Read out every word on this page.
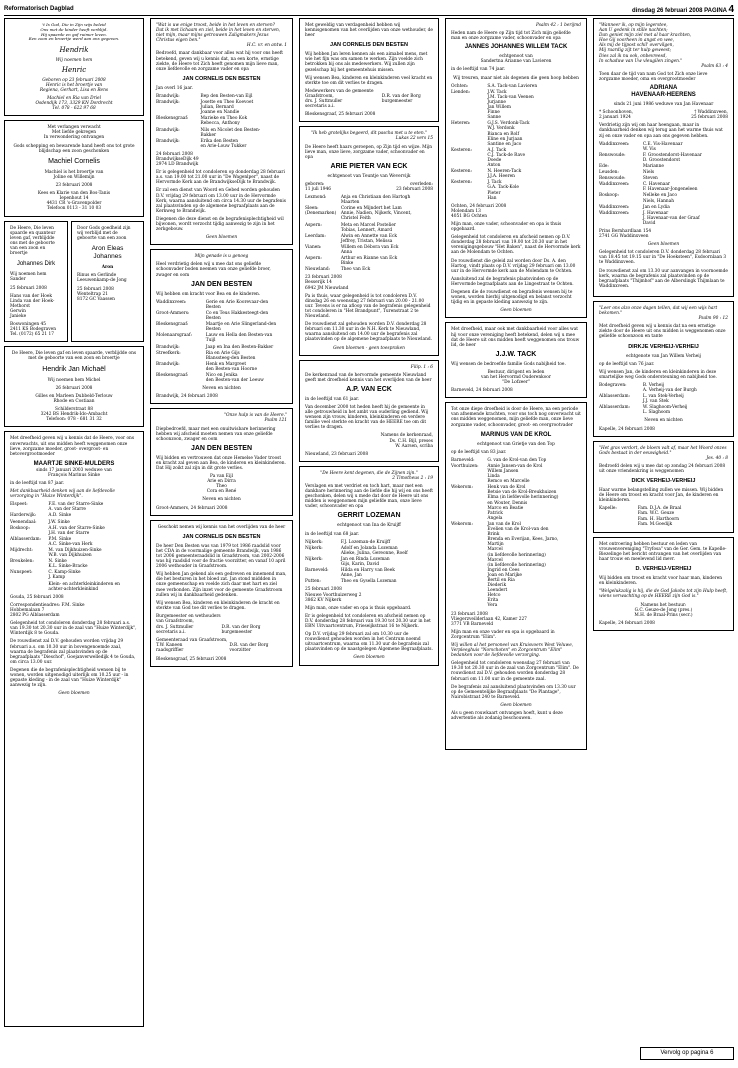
Reformatorisch Dagblad	dinsdag 26 februari 2008 PAGINA 4
't Is God, Die in Zijn wijs beleid
Ons met de kinder heeft verblijd.
Hij spaarde en gaf ruimer leven.
Een zoon en broertje werd aan ons gegeven.
Hendrik
Wij noemen hem
Henric
Geboren op 23 februari 2008
Henric is het broertje van
Regiena, Gerhart, Lisa en Rens
Machiel en Ria van Driel
Osdendijk 173, 3329 KN Dordrecht
Tel. 078 - 622 97 68
Met verlangen verwacht
Met liefde gekregen
In verwondering ontvangen
Gods schepping en bewarende hand heeft ons tot grote blijdschap een zoon geschonken
Machiel Cornelis
Machiel is het broertje van
Joline en Willemijn
23 februari 2008
Kees en Klarie van den Bos-Tanis
Iepenhout 14
4431 CR 's-Gravenpolder
Telefoon 0113 - 31 10 03
De Heere, Die leven spaarde en quanteur leven gaf, verblijdde ons met de geboorte van een zoon en broertje
Johannes Dirk
Wij noemen hem Sander
25 februari 2008
Hans van der Hoek
Linda van der Hoek-Methorst
Gerwin
Janieke
Boswoningen 45
2411 KS Bodegraven
Tel. (0172) 65 21 17
Door Gods goedheid zijn wij verblijd met de geboorte van een zoon
Aron Eleas Johannes
Aron
Rinus en Gerlinde
Leeuwenkamp-de Jong
25 februari 2008
Wenteltrap 21
8172 GC Vaassen
De Heere, Die leven gaf en leven spaarde, verblijdde ons met de geboorte van een zoon en broertje
Hendrik Jan Michaël
Wij noemen hem Michel
26 februari 2008
Gilles en Marleen Dubbeld-Terlouw
Rhode en Costiaan
Schilderstraat 88
3242 BS Hendrik-Ido-Ambacht
Telefoon: 078 - 681 31 32

Met dreefheid geven wij u kennis dat de Heere, voor ons onverwachts, uit ons midden heeft weggenomen onze lieve, zorgzame moeder, groot- overgroot- en betovergrootmoeder

MAARTJE SINKE-MULDERS
sinds 17 januari 2003 weduwe van
François Marinus Sinke

in de leeftijd van 87 jaar.

Met dankbaarheid denken wij aan de liefdevolle verzorging in "Huize Winterdijk".

Elspeet:	F.E. van der Starre-Sinke
A. van der Starre
Harderwijk:	A.D. Sinke
Veenendaal:	J.W. Sinke
Boskoop:	A.H. van der Starre-Sinke
J.H. van der Starre
Alblasserdam:	P.M. Sinke
A.C. Sinke-van Herk
Mijdrecht:	M. van Dijkhuizen-Sinke
W.B. van Dijkhuizen
Breukelen:	N. Sinke
K.L. Sinke-Bracke
Nunspeet:	C. Kamp-Sinke
J. Kamp
Klein- en achterkleinkinderen en achter-achterkleinkind

Gouda, 25 februari 2008

Correspondentieadres: F.M. Sinke
Hobbemalaan 7
2802 PG Alblasserdam

Gelegenheid tot condoleren donderdag 28 februari a.s. van 19.30 tot 20.30 uur in de zaal van "Huize Winterdijk", Winterdijk 8 te Gouda.

De rouwdienst zal D.V. gehouden worden vrijdag 29 februari a.s. om 10.30 uur in bovengenoemde zaal, waarna de begrafenis zal plaatsvinden op de begraafplaats "Dieschof", Goejanverwelledijk 4 te Gouda, om circa 13.00 uur.

Degenen die de begrafenisplechtigheid wensen bij te wonen, worden uitgenodigd uiterlijk om 10.25 uur - in gepaste kleding - in de zaal van "Huize Winterdijk" aanwezig te zijn.

Geen bloemen
"Wat is uw enige troost, beide in het leven en sterven?
Dat ik met lichaam en ziel, beide in het leven en sterven, niet mijn, maar mijns getrouwen Zaligmakers Jezus Christus eigen ben."
H.C. vr. en antw. 1

Bedroefd, maar dankbaar voor alles wat hij voor ons heeft betekend, geven wij u kennis dat, na een korte, ernstige ziekte, de Heere tot Zich heeft genomen mijn lieve man, onze liefdevolle en zorgzame vader en opa

JAN CORNELIS DEN BESTEN

Jan overl 16 jaar.

Brandwijk:	Bep den Besten-van Eijl
Brandwijk:	Josette en Theo Koevoet
Julian, Bernard
Joanne en Nandie
Bleskensgraaf:	Marieke en Theo Kok
Rebecca, Anthony
Brandwijk:	Nils en Nicolet den Besten-Bakker
Brandwijk:	Erika den Besten
en Arie-Louw Tukker

24 februari 2008
BrandwijkseDijk 49
2974 LD Brandwijk

Er is gelegenheid tot condoleren op donderdag 28 februari a.s. van 19.00 tot 21.00 uur in "De Wagenlper", naast de Hervormde Kerk aan de BrandwijkseDijk te Brandwijk.

Er zal een dienst van Woord en Gebed worden gehouden D.V. vrijdag 29 februari om 13.00 uur in de Hervormde Kerk, waarna aansluitend om circa 14.30 uur de begrafenis zal plaatsvinden op de algemene begraafplaats aan de Kerkweg te Brandwijk.

Diegenen die deze dienst en de begrafenisplechtigheid wil bijwonen, wordt verzocht tijdig aanwezig te zijn in het zerkgebouw.

Geen bloemen
Mijn genade is u genoeg

Heel verdrietig delen wij u mee dat ons geliefde schoonvader boden neemen van onze geliefde broer, zwager en oom

JAN DEN BESTEN

Wij hebben om kracht voor Bea en de kinderen.

Waddinxveen:	Gerie en Arie Koorevaar-den Besten
Groot-Ammers:	Co en Teus Hakkesteegt-den Besten
Bleskensgraaf:	Maartje en Arie Slingerland-den Besten
Molenaarsgraaf:	Lauw en Hella den Besten-van Tuijl
Brandwijk:	Jaap en Ina den Besten-Bakker
Streefkerk:	Ria en Arie Gijs
Blanssteeg-den Besten
Brandwijk:	Henk en Margreet
den Besten-van Hoorne
Bleskensgraaf:	Nico en Jenika
den Besten-van der Leeuw
Neven en nichten
Brandwijk, 24 februari 2008
"Onze hulp is van de Heere."
Psalm 121

Diepbedroefd, maar met een onuitwisbare herinnering hebben wij afscheid moeten nemen van onze geliefde schoonzoon, zwager en oom

JAN DEN BESTEN

Wij bidden en vertrouwen dat onze Hemelse Vader troost en kracht zal geven aan Bea, de kinderen en kleinkinderen. Dat Hij zoikt zal zijn in dit grote verlies.

Pa van Eijl
Arie en Dirra
Theo
Cora en René
Neven en nichten
Groot-Ammers, 24 februari 2008
Geschokt nemen wij kennis van het overlijden van de heer
JAN CORNELIS DEN BESTEN

De heer Den Besten was van 1979 tot 1986 raadslid voor het CDA in de voormalige gemeente Brandwijk, van 1986 tot 2006 gemeenteraadslid in Graafstroom, van 2002-2006 was hij raadslid voor de fractie voorzitter, en vanaf 10 april 2006 wethouder in Graafstroom.

Wij hebben Jan gekend als een gedreven en innemend man, die het besturen in het bloed zat. Jan stond middden in onze gemeenschap en voelde zich daar met hart en ziel mee verbonden. Zijn inzet voor de gemeente Graafstroom zullen wij in dankbaarheid gedenken.

Wij wensen Bea, kinderen en kleinkinderen de kracht en sterkte van God toe dit verlies te dragen.

Burgemeester en wethouders van Graafstroom,
drs. J. Suttmuller
secretaris a.i.
D.R. van der Borg
burgemeester
Gemeenteraad van Graafstroom,
T.W. Kaneen
raadsgriffier
D.R. van der Borg
voorzitter
Bleskensgraaf, 25 februari 2008

Met geweldig van verdagenheid hebben wij kennisgenomen van het overlijden van onze wethouder, de heer

JAN CORNELIS DEN BESTEN

Wij hebben Jan leren kennen als een aimabel mens, met wie het fijn was om samen te werken. Zijn voelde zich betrokken bij ons als medewerkers. Wij zullen zijn gezelschap bij het gemeentehuis missen.

Wij wensen Bea, kinderen en kleinkinderen veel kracht en sterkte toe om dit verlies te dragen.

Medewerkers van de gemeente Graafstroom,
drs. J. Suttmuller
secretaris a.i.
D.R. van der Borg
burgemeester
Bleskensgraaf, 25 februari 2008
"Ik heb grotelijks begeerd, dit pascha met u te eten."
Lukas 22 vers 15

De Heere heeft haars geroepen, op Zijn tijd en wijze. Mijn lieve man, onze lieve, zorgzame vader, schoonvader en opa

ARIE PIETER VAN ECK
echtgenoot van Teuntje van Wevervijk
geboren:
11 juli 1946
overleden:
23 februari 2008
Lexmond:	Anja en Christiaan den Hartogh
Maarten
Sleen:
(Denemarken)
Corine en Mijndert het Lam
Annie, Nadien, Nijkerk, Vincent, Christel Feith
Aspern:	Meta en Marcel Postelier
Tobias, Lennert, Amard
Leerdam:	Alwin en Annette van Eck
Jeffrey, Tristan, Melissa
Vianen:	Willem en Débora van Eck
Anna
Aspern:	Arthur en Rianne van Eck
Binke
Nieuwland:	Theo van Eck

23 februari 2008
Besserijk 14
6942 JM Nieuwland

Pa is thuis, waar gelegenheid is tot condoleren D.V. dinsdag 26 en woensdag 27 februari van 20.00 - 21.00 uur. Tevens is er na afloop van de begrafenis gelegenheid tot condoleren in "Het Brandpunt", Turenstraat 2 te Nieuwland.

De rouwdienst zal gehouden worden D.V. donderdag 28 februari om 11.30 uur in de N.H. Kerk te Nieuwland, waarna aansluitend om 14.00 uur de begrafenis zal plaatsvinden op de algemene begraafplaats te Nieuwland.

Geen bloemen - geen toespraken
Filip. 1 : 6

De kerkenraad van de hervormde gemeente Nieuwland geeft met droefheid kennis van het overlijden van de heer

A.P. VAN ECK

in de leeftijd van 61 jaar.

Van december 2000 tot heden heeft hij de gemeente in alle getrouwheid in het ambt van ouderling gediend. Wij wensen zijn vrouw, kinderen, kleinkinderen en verdere familie veel sterkte en kracht van de HEERE toe om dit verlies te dragen.

Namens de kerkenraad,
Ds. C.H. Bijl, preses
W. Aarsen, scriba
Nieuwland, 23 februari 2008
"De Heere kent degenen, die de Zijnen zijn."
2 Timotheus 2 : 19

Verslagen en met verdriet en toch hart, maar met een dankbare herinnering aan de liefde die hij wij en ons heeft geschonken, delen wij u mede dat door de Heere uit ons midden is weggenomen mijn geliefde man, onze lieve vader, schoonvader en opa

GERRIT LOZEMAN
echtgenoot van Ina de Kruijff

in de leeftijd van 68 jaar.

Nijkerk:	F.J. Lozeman-de Kruijff
Nijkerk:	Adolf en Jolanda Lozeman
Alieke, Julina, Gereonne, Roelf
Nijkerk:	Jan en Rinda Lozeman
Gijs, Karin, David
Barneveld:	Hilda en Harry van Beek
Anne, Jan
Putten:	Theo en Gysella Lozeman

25 februari 2008
Nieuwe Voorthuizerweg 2
3862 KV Nijkerk

Mijn man, onze vader en opa is thuis opgebaard.

Er is gelegenheid tot condoleren en afscheid nemen op D.V. donderdag 28 februari van 19.30 tot 20.30 uur in het EBN Uitvaartcentrum, Frieseijkstraat 16 te Nijkerk.

Op D.V. vrijdag 29 februari zal om 10.30 uur de rouwdienst gehouden worden in het Centrum noemd uitvaartcentrum, waarna om 11.30 uur de begrafenis zal plaatsvinden op de naastgelegen Algemene Begraafplaats.

Geen bloemen
Psalm 42 : 1 berijmd

Heden nam de Heere op Zijn tijd tot Zich mijn geliefde man en onze zorgzame vader, schoonvader en opa

JANNES JOHANNES WILLEM TACK
echtgenoot van
Sandertna Arianne van Lavieren

in de leeftijd van 74 jaar.

Wij treuren, maar niet als degenen die geen hoop hebben
Ochten:	S.A. Tack-van Lavieren
Lienden:	J.W. Tack
J.M. Tack-van Veenen
Jurjanne
Jan Willem
Finne
Sanne
Heteren:	G.J.S. Verdonk-Tack
W.J. Verdonk
Bianca en Rolf
Eline en Jurjaan
Santine en Jaco
Kesteren:	A.J. Tack
C.J. Tack-de Rave
Doede
Anton
Kesteren:	N. Heeren-Tack
J.J.A. Heeren
Kesteren:	J. Tack
G.A. Tack-Kole
Pieter
Han

Ochten, 24 februari 2008
Molendam 13
4051 BG Ochten

Mijn man, onze vader, schoonvader en opa is thuis opgebaard.

Gelegenheid tot condoleren en afscheid nemen op D.V. donderdag 28 februari van 19.00 tot 20.30 uur in het verenigingsgebouw "Het Baken", naast de Hervormde kerk aan de Molendam te Ochten.

De rouwdienst die geleid zal worden door Ds. A. den Hartog, vindt plaats op D.V. vrijdag 29 februari om 13.00 uur in de Hervormde kerk aan de Molendam te Ochten.

Aansluitend zal de begrafenis plaatsvinden op de Hervormde begraafplaats aan de Lingestraat te Ochten.

Degenen die de rouwdienst en begrafenis wensen bij te wonen, worden hierbij uitgenodigd en belanst verzocht tijdig en in gepaste kleding aanwezig te zijn.

Geen bloemen

Met droefheid, maar ook met dankbaarheid voor alles wat hij voor onze vereniging heeft betekend, delen wij u mee dat de Heere uit ons midden heeft weggenomen ons trouw lid, de heer

J.J.W. TACK

Wij wensen de bedroefde familie Gods nabijheid toe.

Bestuur, dirigent en leden
van het Hervormd Ouderenkoor
"De Lofzeer"
Barneveld, 24 februari 2008

Tot onze diepe droefheid is door de Heere, na een periode van afnemende krachten, voor ons toch nog onverwacht uit ons midden weggenomen, mijn geliefde man, onze lieve zorgzame vader, schoonvader, groot- en overgrootvader

MARINUS VAN DE KROL
echtgenoot van Grietje van den Top

op de leeftijd van 83 jaar.

Barneveld:	G. van de Krol-van den Top
Voorthuizen:	Annie Jansen-van de Krol
Willem Jansen
Linda
Remco en Marcelle
Wekerom:	Henk van de Krol
Betsie van de Krol-Breukhuizen
Elma (in liefdevolle herinnering) en Wouter, Dennis
Marco en Beatie
Patrick
Angela
Wekerom:	Jan van de Krol
Evelien van de Krol-van den Brink
Brenda en Everijan, Kees, Jarno, Martijn
Marcel
(in liefdevolle herinnering)
Marcel
(in liefdevolle herinnering)
Ingrid en Cees
Joan en Marijke
Bertil en Ria
Diederik
Leendert
Hetco
Erita
Vera

23 februari 2008
Vliegerzveilderlaan 42, Kamer 227
3771 VB Barneveld

Mijn man en onze vader en opa is opgebaard in Zorgcentrum "Elim".

Wij willen al het personeel van Kruisvoers West Veluwe, Verpleeghuis "Norschoten" en Zorgcentrum "Elim" bedanken voor de liefdevolle verzorging.

Gelegenheid tot condoleren woensdag 27 februari van 19.30 tot 20.30 uur in de zaal van Zorgcentrum "Elim". De rouwdienst zal D.V. gehouden worden donderdag 28 februari om 11.00 uur in de gemeente zaal.

De begrafenis zal aansluitend plaatsvinden om 13.30 uur op de Gemeentelijke Begraafplaats "De Plantage", Nairobistraat 240 te Barneveld.

Geen bloemen

Als u geen rouwkaart ontvangen hoeft, kunt u deze advertentie als zodanig beschouwen.

"Wanneer ik, op mijn legerstee,
Aan U gedenk in stille nachten;
Dan geniet mijn ziel met al haar krachten,
Hoe Gij voorheen in angst en wee,
Als mij de tijpost schil' overvilgen,
Mij raardig zijt ter hulp geweest;
Dies zal ik nu ook, onbevreesd,
In schaduw van Uw vleugilen zingen."
Psalm 63 : 4

Toen daar de tijd van nam God tot Zich onze lieve zorgzame moeder, oma en overgrootmoeder

ADRIANA
HAVENAAR-HEERENS
sinds 21 juni 1986 weduwe van Jan Havenaar
* Schoonhoven,
2 januari 1924
† Waddinxveen,
25 februari 2008

Verdrietig zijn wij om haar heengaan, maar in dankbaarheid denken wij terug aan het warme thuis wat zij en onze vader en opa aan ons gegeven hebben.

Waddinxveen:	C.E. Vis-Havenaar
W. Vis
Renswoude:	F. Groostendorst-Havenaar
D. Groostendorst
Ede:	Marianne
Leusden:	Niels
Renswoude:	Steven
Waddinxveen:	C. Havenaar
F. Havenaar-Jongeneleen
Boskoop:	Nelleke en Jaco
Niels, Hannah
Waddinxveen:	Jan en Lydia
Waddinxveen:	J. Havenaar
J. Havenaar-van der Graaf
David

Prins Bernhardlaan 154
2741 GG Waddinxveen

Geen bloemen

Gelegenheid tot condoleren D.V. donderdag 28 februari van 18.45 tot 19.15 uur in "De Hoeksteen", Esdoornlaan 3 te Waddinxveen.

De rouwdienst zal om 13.30 uur aanvangen in voornoemde kerk, waarna de begrafenis zal plaatsvinden op de begraafplaats "Thijmhof" aan de Alberslingk Thijmlaan te Waddinxveen.

"Leer ons alzo onze dagen tellen, dat wij een wijs hart bekomen."
Psalm 90 : 12

Met droefheid geven wij u kennis dat na een ernstige ziekte door de Heere uit ons midden is weggenomen onze geliefde schoonzoon en tante

DIRKJE VERHEIJ-VERHEIJ
echtgenote van Jan Willem Verheij

op de leeftijd van 76 jaar.

Wij wensen Jan, de kinderen en kleinkinderen in deze smartelijke weg Gods ondersteuning en nabijheid toe.

Bodegraven:	B. Verheij
A. Verheij-van der Burgh
Alblasserdam:	L. van Stek-Verheij
J.J. van Stek
Alblasserdam:	W. Slaghoom-Verheij
L. Slaghoom
Neven en nichten
Kapelle, 24 februari 2008
"Het gras verdort, de bloem valt af, maar het Woord onzes Gods bestaat in der eeuwigheid."
Jes. 40 : 8

Bedroefd delen wij u mee dat op zondag 24 februari 2008 uit onze vriendenkring is weggenomen

DICK VERHEIJ-VERHEIJ

Haar warme belangstelling zullen we missen. Wij bidden de Heere om troost en kracht voor Jan, de kinderen en kleinkinderen.

Kapelle:	Fam. D.J.A. de Braal
Fam. W.C. Geuze
Fam. H. Harthoorn
Fam. M.Goedijk

Met ontroering hebben bestuur en leden van vrouwenvereniging "Tryfosa" van de Ger. Gem. te Kapelle-Biezelinge het bericht ontvangen van het overlijden van haar trouw en meelevend lid mevr.

D. VERHEIJ-VERHEIJ

Wij bidden om troost en kracht voor haar man, kinderen en kleinkinderen.

"Welgelukzalig is hij, die de God Jakobs tot zijn Hulp heeft, wiens verwachting op de HEERE zijn God is."

Namens het bestuur:
G.C. Geuze-de Jong (pres.)
M.H. de Braal-Prins (secr.)
Kapelle, 24 februari 2008
Vervolg op pagina 6
